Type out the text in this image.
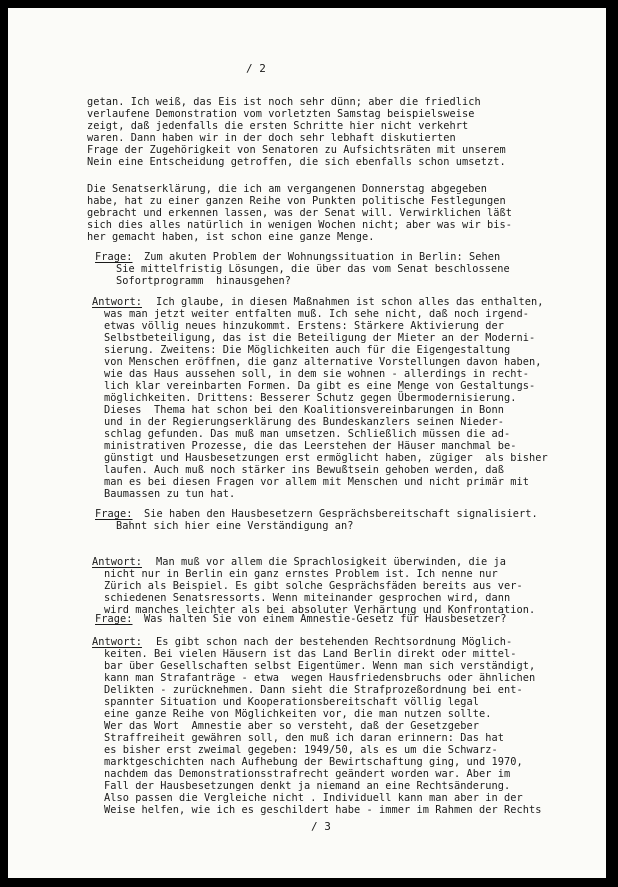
/ 2
getan. Ich weiß, das Eis ist noch sehr dünn; aber die friedlich
verlaufene Demonstration vom vorletzten Samstag beispielsweise
zeigt, daß jedenfalls die ersten Schritte hier nicht verkehrt
waren. Dann haben wir in der doch sehr lebhaft diskutierten
Frage der Zugehörigkeit von Senatoren zu Aufsichtsräten mit unserem
Nein eine Entscheidung getroffen, die sich ebenfalls schon umsetzt.
Die Senatserklärung, die ich am vergangenen Donnerstag abgegeben
habe, hat zu einer ganzen Reihe von Punkten politische Festlegungen
gebracht und erkennen lassen, was der Senat will. Verwirklichen läßt
sich dies alles natürlich in wenigen Wochen nicht; aber was wir bis-
her gemacht haben, ist schon eine ganze Menge.
Frage: Zum akuten Problem der Wohnungssituation in Berlin: Sehen
Sie mittelfristig Lösungen, die über das vom Senat beschlossene
Sofortprogramm  hinausgehen?
Antwort: Ich glaube, in diesen Maßnahmen ist schon alles das enthalten,
was man jetzt weiter entfalten muß. Ich sehe nicht, daß noch irgend-
etwas völlig neues hinzukommt. Erstens: Stärkere Aktivierung der
Selbstbeteiligung, das ist die Beteiligung der Mieter an der Moderni-
sierung. Zweitens: Die Möglichkeiten auch für die Eigengestaltung
von Menschen eröffnen, die ganz alternative Vorstellungen davon haben,
wie das Haus aussehen soll, in dem sie wohnen - allerdings in recht-
lich klar vereinbarten Formen. Da gibt es eine Menge von Gestaltungs-
möglichkeiten. Drittens: Besserer Schutz gegen Übermodernisierung.
Dieses  Thema hat schon bei den Koalitionsvereinbarungen in Bonn
und in der Regierungserklärung des Bundeskanzlers seinen Nieder-
schlag gefunden. Das muß man umsetzen. Schließlich müssen die ad-
ministrativen Prozesse, die das Leerstehen der Häuser manchmal be-
günstigt und Hausbesetzungen erst ermöglicht haben, zügiger  als bisher
laufen. Auch muß noch stärker ins Bewußtsein gehoben werden, daß
man es bei diesen Fragen vor allem mit Menschen und nicht primär mit
Baumassen zu tun hat.
Frage: Sie haben den Hausbesetzern Gesprächsbereitschaft signalisiert.
Bahnt sich hier eine Verständigung an?
Antwort: Man muß vor allem die Sprachlosigkeit überwinden, die ja
nicht nur in Berlin ein ganz ernstes Problem ist. Ich nenne nur
Zürich als Beispiel. Es gibt solche Gesprächsfäden bereits aus ver-
schiedenen Senatsressorts. Wenn miteinander gesprochen wird, dann
wird manches leichter als bei absoluter Verhärtung und Konfrontation.
Frage: Was halten Sie von einem Amnestie-Gesetz für Hausbesetzer?
Antwort: Es gibt schon nach der bestehenden Rechtsordnung Möglich-
keiten. Bei vielen Häusern ist das Land Berlin direkt oder mittel-
bar über Gesellschaften selbst Eigentümer. Wenn man sich verständigt,
kann man Strafanträge - etwa  wegen Hausfriedensbruchs oder ähnlichen
Delikten - zurücknehmen. Dann sieht die Strafprozeßordnung bei ent-
spannter Situation und Kooperationsbereitschaft völlig legal
eine ganze Reihe von Möglichkeiten vor, die man nutzen sollte.
Wer das Wort  Amnestie aber so versteht, daß der Gesetzgeber
Straffreiheit gewähren soll, den muß ich daran erinnern: Das hat
es bisher erst zweimal gegeben: 1949/50, als es um die Schwarz-
marktgeschichten nach Aufhebung der Bewirtschaftung ging, und 1970,
nachdem das Demonstrationsstrafrecht geändert worden war. Aber im
Fall der Hausbesetzungen denkt ja niemand an eine Rechtsänderung.
Also passen die Vergleiche nicht . Individuell kann man aber in der
Weise helfen, wie ich es geschildert habe - immer im Rahmen der Rechts
/ 3
